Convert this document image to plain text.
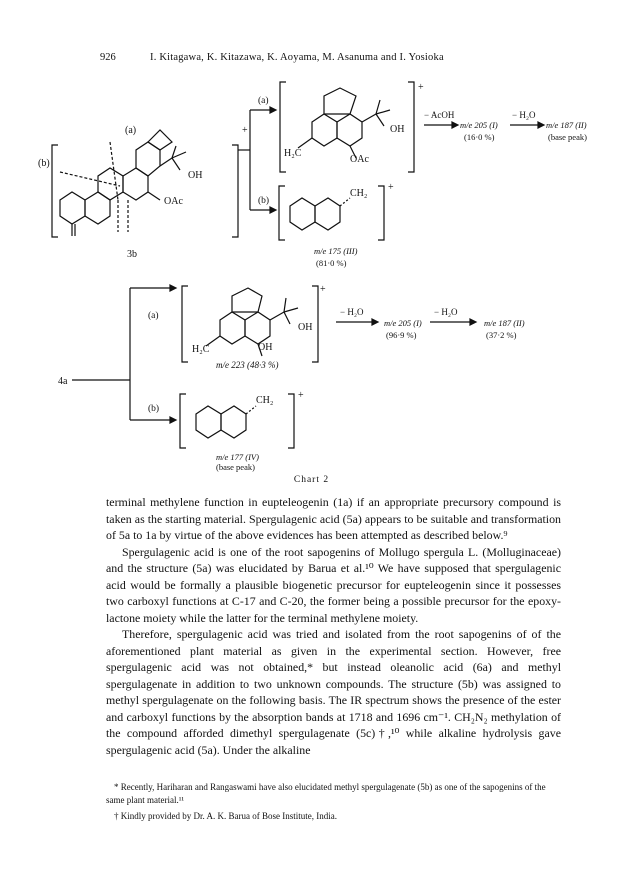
926	I. Kitagawa, K. Kitazawa, K. Aoyama, M. Asanuma and I. Yosioka
(a)
(b)
OH
OAc
3b
(a)
(b)
+
+
H₂C
OAc
OH
− AcOH
m/e 205 (I)
(16·0 %)
− H₂O
m/e 187 (II)
(base peak)
+
CH₂
m/e 175 (III)
(81·0 %)
(a)
(b)
4a
+
H₂C
OH
OH
m/e 223 (48·3 %)
− H₂O
m/e 205 (I)
(96·9 %)
− H₂O
m/e 187 (II)
(37·2 %)
+
CH₂
m/e 177 (IV)
(base peak)
Chart 2

terminal methylene function in eupteleogenin (1a) if an appropriate precursory compound is taken as the starting material. Spergulagenic acid (5a) appears to be suitable and transformation of 5a to 1a by virtue of the above evidences has been attempted as described below.⁹

Spergulagenic acid is one of the root sapogenins of Mollugo spergula L. (Molluginaceae) and the structure (5a) was elucidated by Barua et al.¹⁰ We have supposed that spergulagenic acid would be formally a plausible biogenetic precursor for eupteleogenin since it possesses two carboxyl functions at C-17 and C-20, the former being a possible precursor for the epoxy-lactone moiety while the latter for the terminal methylene moiety.

Therefore, spergulagenic acid was tried and isolated from the root sapogenins of of the aforementioned plant material as given in the experimental section. However, free spergulagenic acid was not obtained,* but instead oleanolic acid (6a) and methyl spergulagenate in addition to two unknown compounds. The structure (5b) was assigned to methyl spergulagenate on the following basis. The IR spectrum shows the presence of the ester and carboxyl functions by the absorption bands at 1718 and 1696 cm⁻¹. CH₂N₂ methylation of the compound afforded dimethyl spergulagenate (5c)†,¹⁰ while alkaline hydrolysis gave spergulagenic acid (5a). Under the alkaline

* Recently, Hariharan and Rangaswami have also elucidated methyl spergulagenate (5b) as one of the sapogenins of the same plant material.¹¹

† Kindly provided by Dr. A. K. Barua of Bose Institute, India.
